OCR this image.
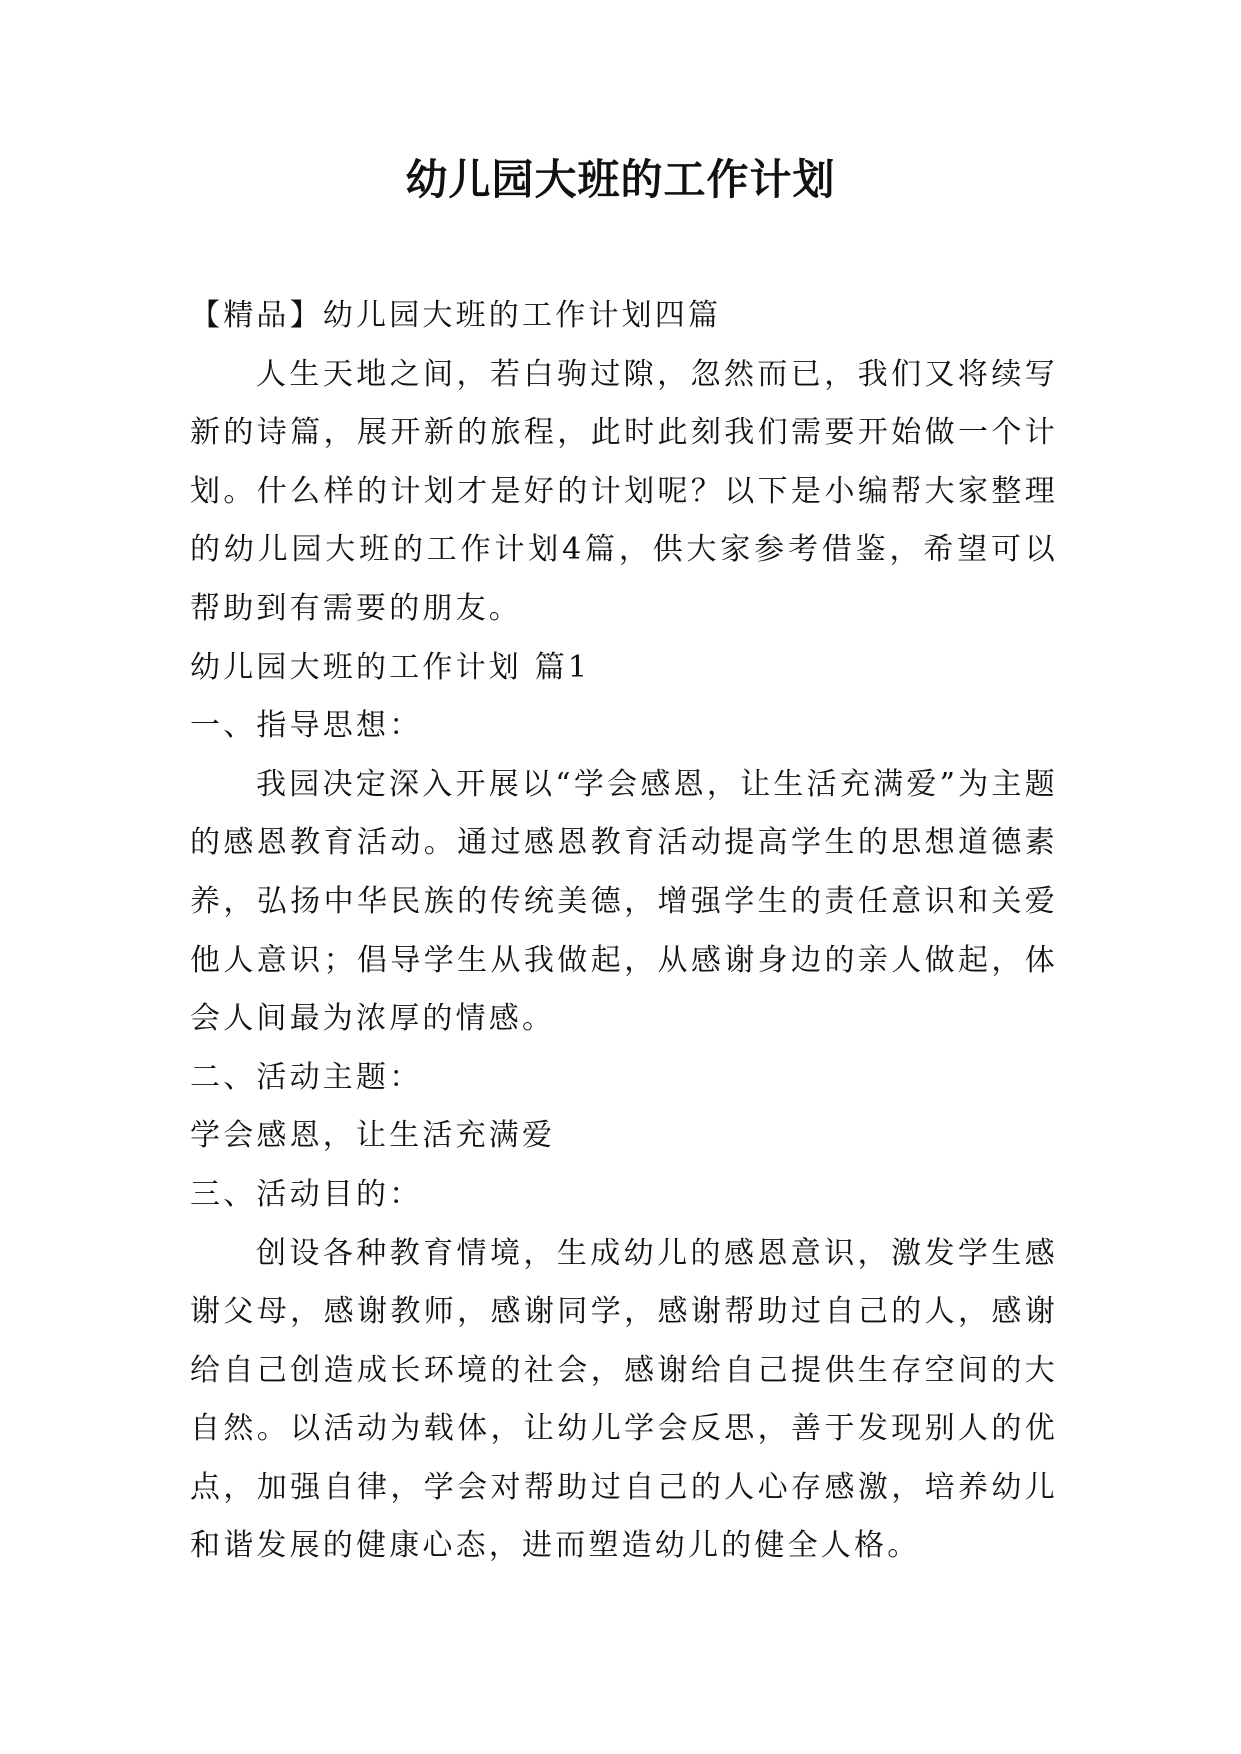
幼儿园大班的工作计划

【精品】幼儿园大班的工作计划四篇

人生天地之间，若白驹过隙，忽然而已，我们又将续写新的诗篇，展开新的旅程，此时此刻我们需要开始做一个计划。什么样的计划才是好的计划呢？以下是小编帮大家整理的幼儿园大班的工作计划4篇，供大家参考借鉴，希望可以帮助到有需要的朋友。

幼儿园大班的工作计划 篇1

一、指导思想：

我园决定深入开展以“学会感恩，让生活充满爱”为主题的感恩教育活动。通过感恩教育活动提高学生的思想道德素养，弘扬中华民族的传统美德，增强学生的责任意识和关爱他人意识；倡导学生从我做起，从感谢身边的亲人做起，体会人间最为浓厚的情感。

二、活动主题：

学会感恩，让生活充满爱

三、活动目的：

创设各种教育情境，生成幼儿的感恩意识，激发学生感谢父母，感谢教师，感谢同学，感谢帮助过自己的人，感谢给自己创造成长环境的社会，感谢给自己提供生存空间的大自然。以活动为载体，让幼儿学会反思，善于发现别人的优点，加强自律，学会对帮助过自己的人心存感激，培养幼儿和谐发展的健康心态，进而塑造幼儿的健全人格。
